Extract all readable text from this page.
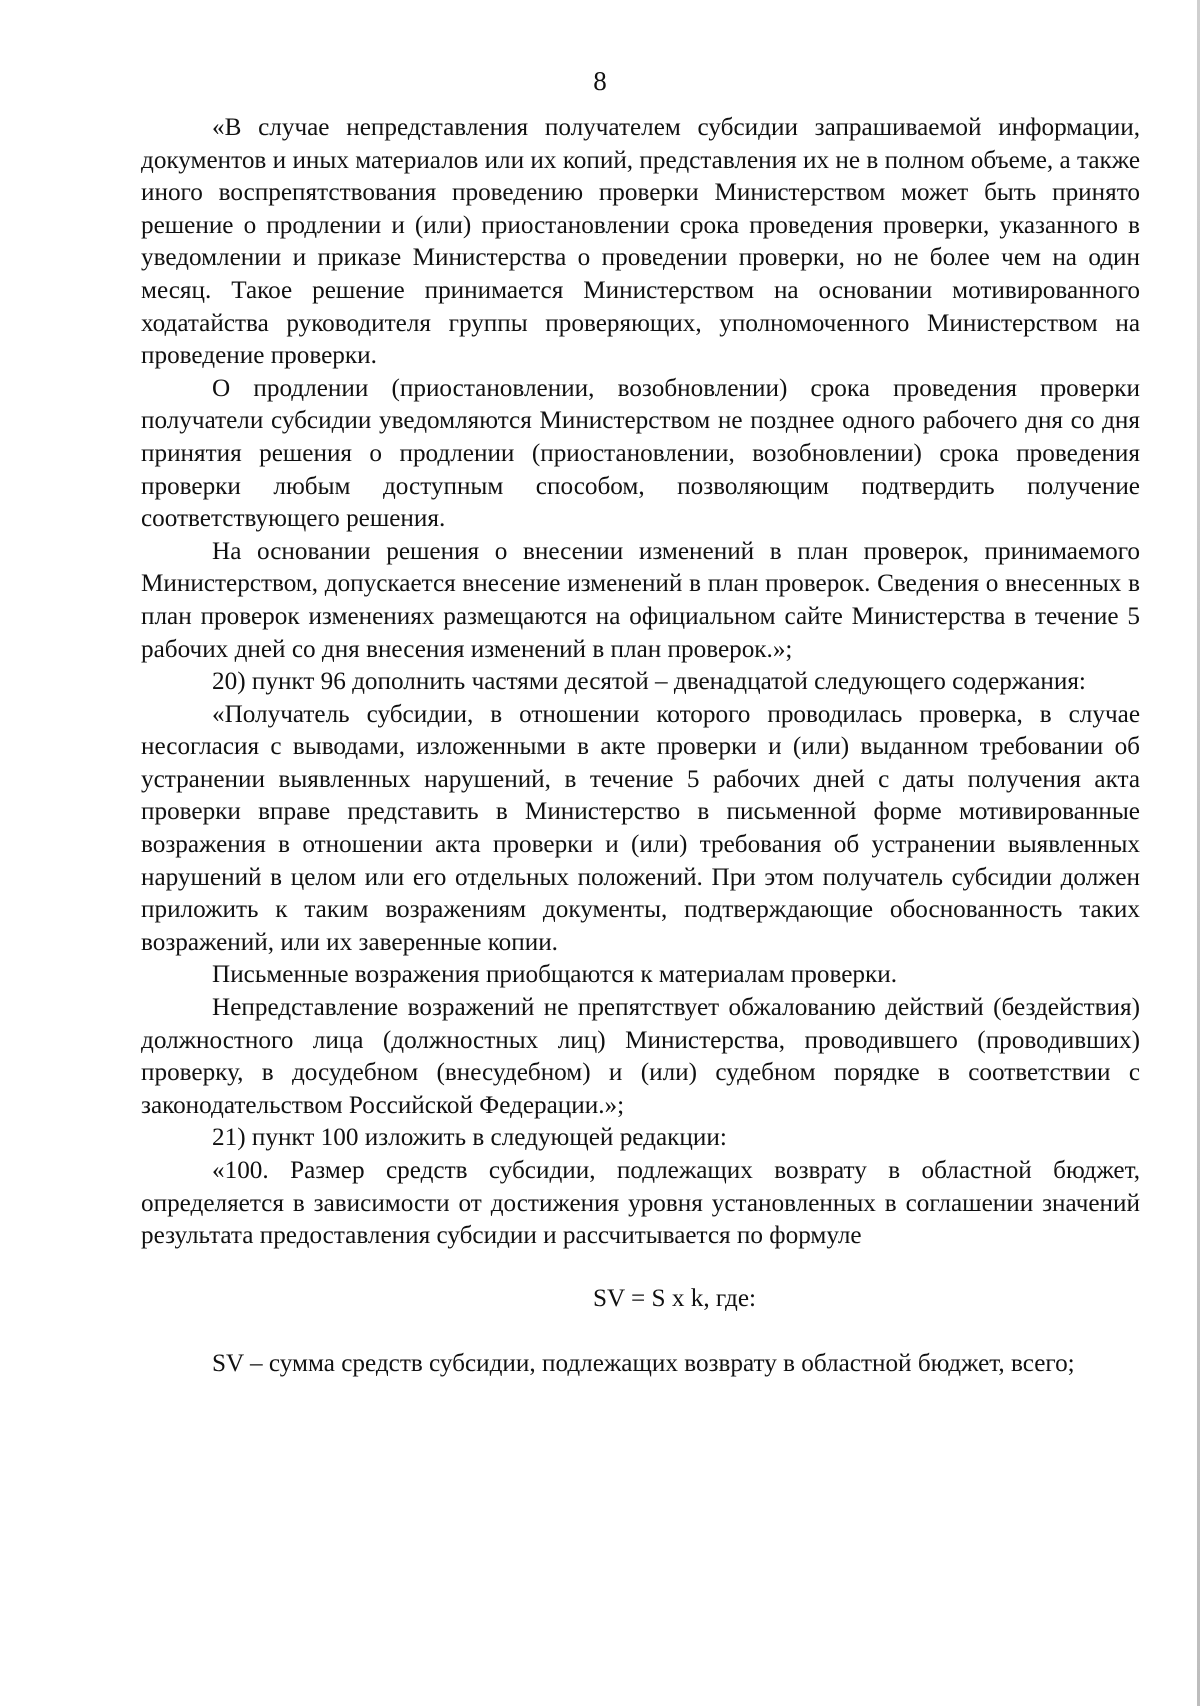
8

«В случае непредставления получателем субсидии запрашиваемой информации, документов и иных материалов или их копий, представления их не в полном объеме, а также иного воспрепятствования проведению проверки Министерством может быть принято решение о продлении и (или) приостановлении срока проведения проверки, указанного в уведомлении и приказе Министерства о проведении проверки, но не более чем на один месяц. Такое решение принимается Министерством на основании мотивированного ходатайства руководителя группы проверяющих, уполномоченного Министерством на проведение проверки.

О продлении (приостановлении, возобновлении) срока проведения проверки получатели субсидии уведомляются Министерством не позднее одного рабочего дня со дня принятия решения о продлении (приостановлении, возобновлении) срока проведения проверки любым доступным способом, позволяющим подтвердить получение соответствующего решения.

На основании решения о внесении изменений в план проверок, принимаемого Министерством, допускается внесение изменений в план проверок. Сведения о внесенных в план проверок изменениях размещаются на официальном сайте Министерства в течение 5 рабочих дней со дня внесения изменений в план проверок.»;

20) пункт 96 дополнить частями десятой – двенадцатой следующего содержания:

«Получатель субсидии, в отношении которого проводилась проверка, в случае несогласия с выводами, изложенными в акте проверки и (или) выданном требовании об устранении выявленных нарушений, в течение 5 рабочих дней с даты получения акта проверки вправе представить в Министерство в письменной форме мотивированные возражения в отношении акта проверки и (или) требования об устранении выявленных нарушений в целом или его отдельных положений. При этом получатель субсидии должен приложить к таким возражениям документы, подтверждающие обоснованность таких возражений, или их заверенные копии.

Письменные возражения приобщаются к материалам проверки.

Непредставление возражений не препятствует обжалованию действий (бездействия) должностного лица (должностных лиц) Министерства, проводившего (проводивших) проверку, в досудебном (внесудебном) и (или) судебном порядке в соответствии с законодательством Российской Федерации.»;

21) пункт 100 изложить в следующей редакции:

«100. Размер средств субсидии, подлежащих возврату в областной бюджет, определяется в зависимости от достижения уровня установленных в соглашении значений результата предоставления субсидии и рассчитывается по формуле

SV = S x k, где:

SV – сумма средств субсидии, подлежащих возврату в областной бюджет, всего;
